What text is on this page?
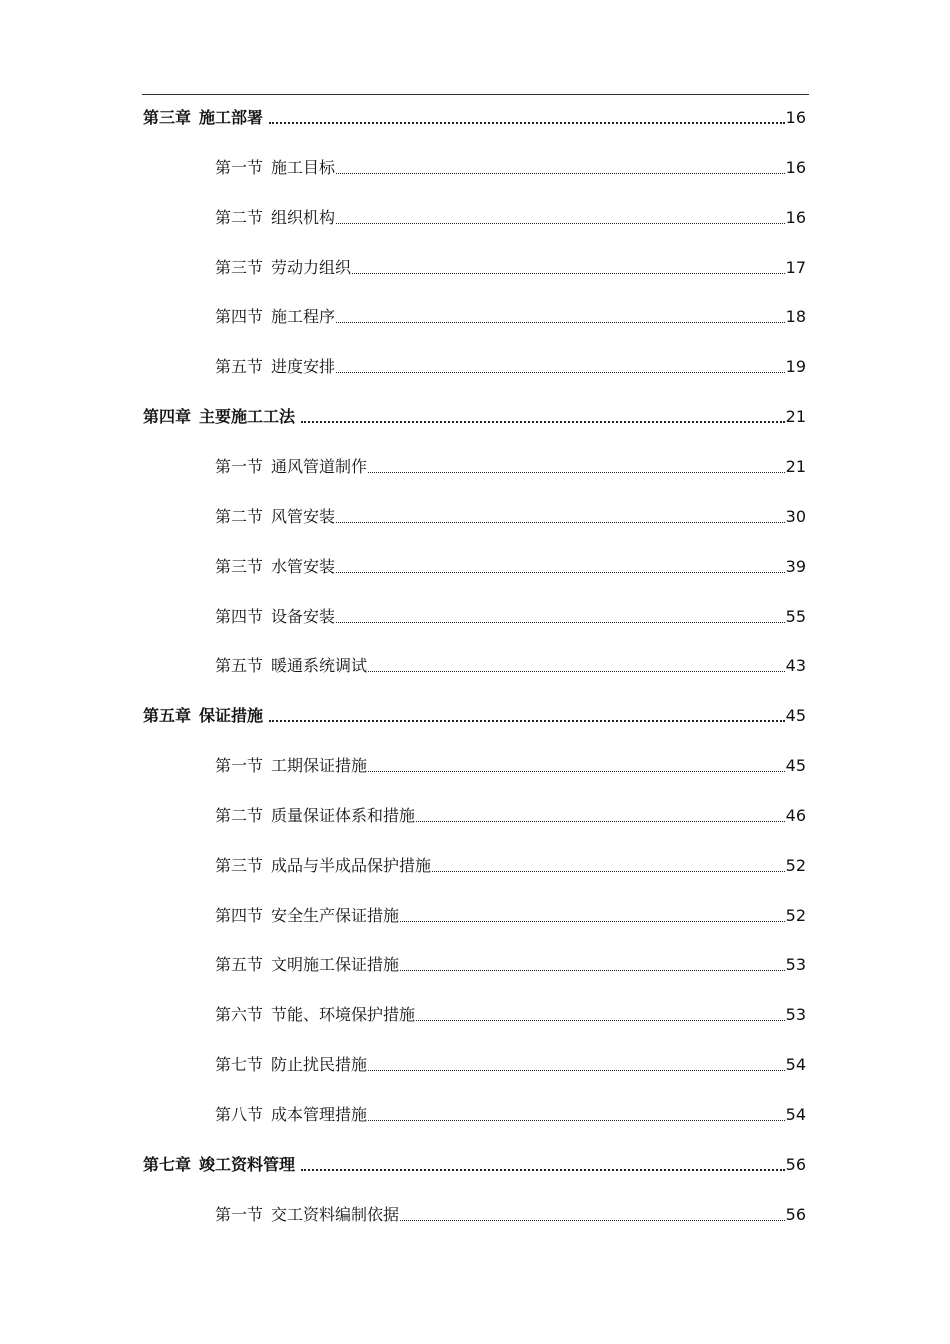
第三章 施工部署	16
第一节 施工目标	16
第二节 组织机构	16
第三节 劳动力组织	17
第四节 施工程序	18
第五节 进度安排	19
第四章 主要施工工法	21
第一节 通风管道制作	21
第二节 风管安装	30
第三节 水管安装	39
第四节 设备安装	55
第五节 暖通系统调试	43
第五章 保证措施	45
第一节 工期保证措施	45
第二节 质量保证体系和措施	46
第三节 成品与半成品保护措施	52
第四节 安全生产保证措施	52
第五节 文明施工保证措施	53
第六节 节能、环境保护措施	53
第七节 防止扰民措施	54
第八节 成本管理措施	54
第七章 竣工资料管理	56
第一节 交工资料编制依据	56
